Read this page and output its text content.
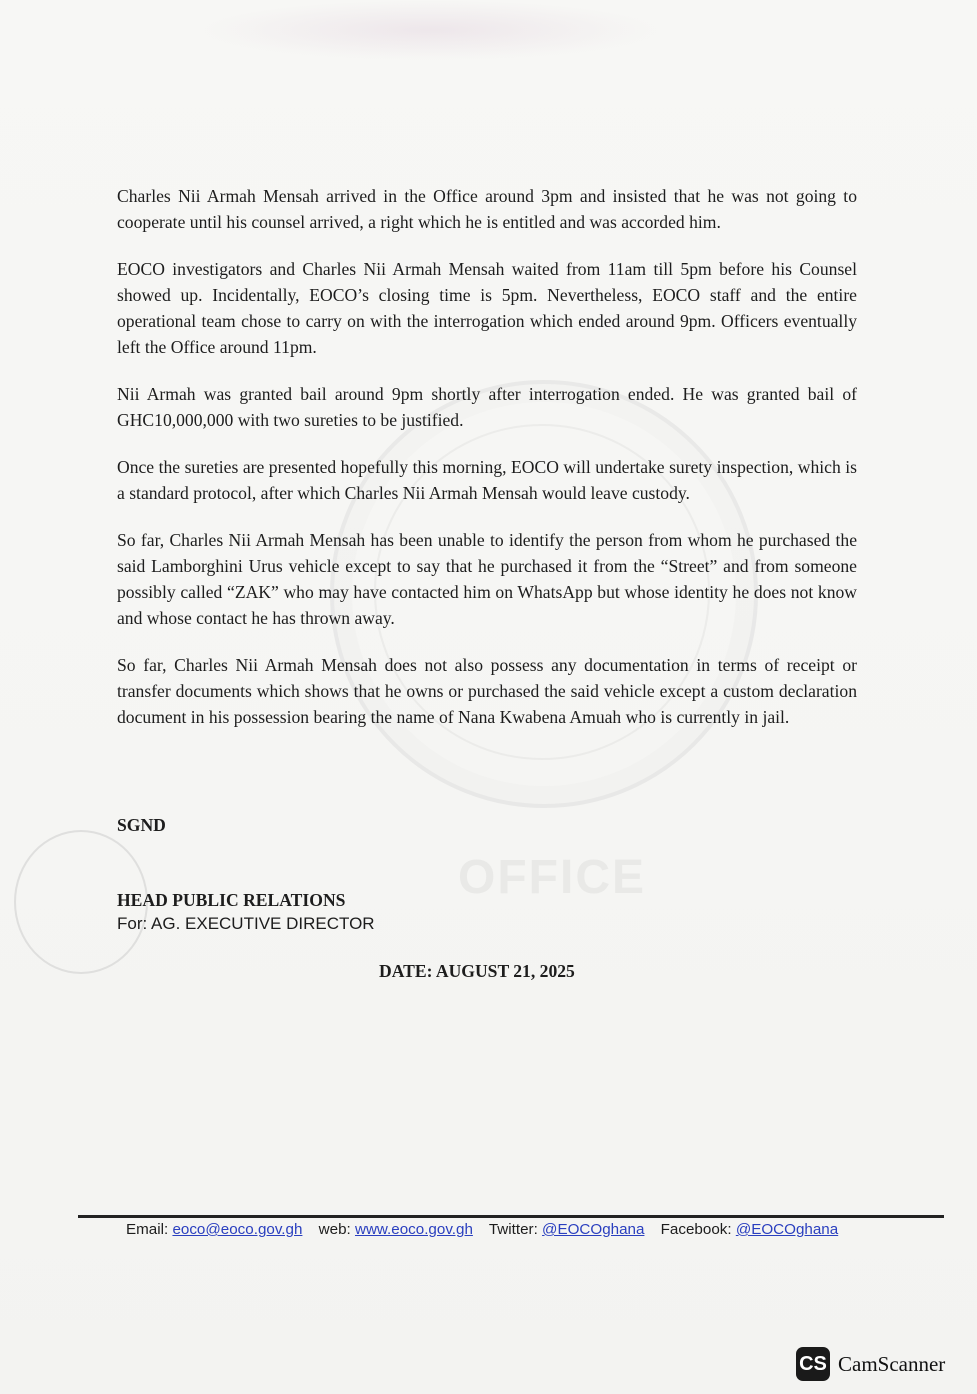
OFFICE

Charles Nii Armah Mensah arrived in the Office around 3pm and insisted that he was not going to cooperate until his counsel arrived, a right which he is entitled and was accorded him.

EOCO investigators and Charles Nii Armah Mensah waited from 11am till 5pm before his Counsel showed up. Incidentally, EOCO’s closing time is 5pm. Nevertheless, EOCO staff and the entire operational team chose to carry on with the interrogation which ended around 9pm. Officers eventually left the Office around 11pm.

Nii Armah was granted bail around 9pm shortly after interrogation ended. He was granted bail of GHC10,000,000 with two sureties to be justified.

Once the sureties are presented hopefully this morning, EOCO will undertake surety inspection, which is a standard protocol, after which Charles Nii Armah Mensah would leave custody.

So far, Charles Nii Armah Mensah has been unable to identify the person from whom he purchased the said Lamborghini Urus vehicle except to say that he purchased it from the “Street” and from someone possibly called “ZAK” who may have contacted him on WhatsApp but whose identity he does not know and whose contact he has thrown away.

So far, Charles Nii Armah Mensah does not also possess any documentation in terms of receipt or transfer documents which shows that he owns or purchased the said vehicle except a custom declaration document in his possession bearing the name of Nana Kwabena Amuah who is currently in jail.

SGND
HEAD PUBLIC RELATIONS
For: AG. EXECUTIVE DIRECTOR
DATE: AUGUST 21, 2025
Email: eoco@eoco.gov.gh web: www.eoco.gov.gh Twitter: @EOCOghana Facebook: @EOCOghana
CS CamScanner
